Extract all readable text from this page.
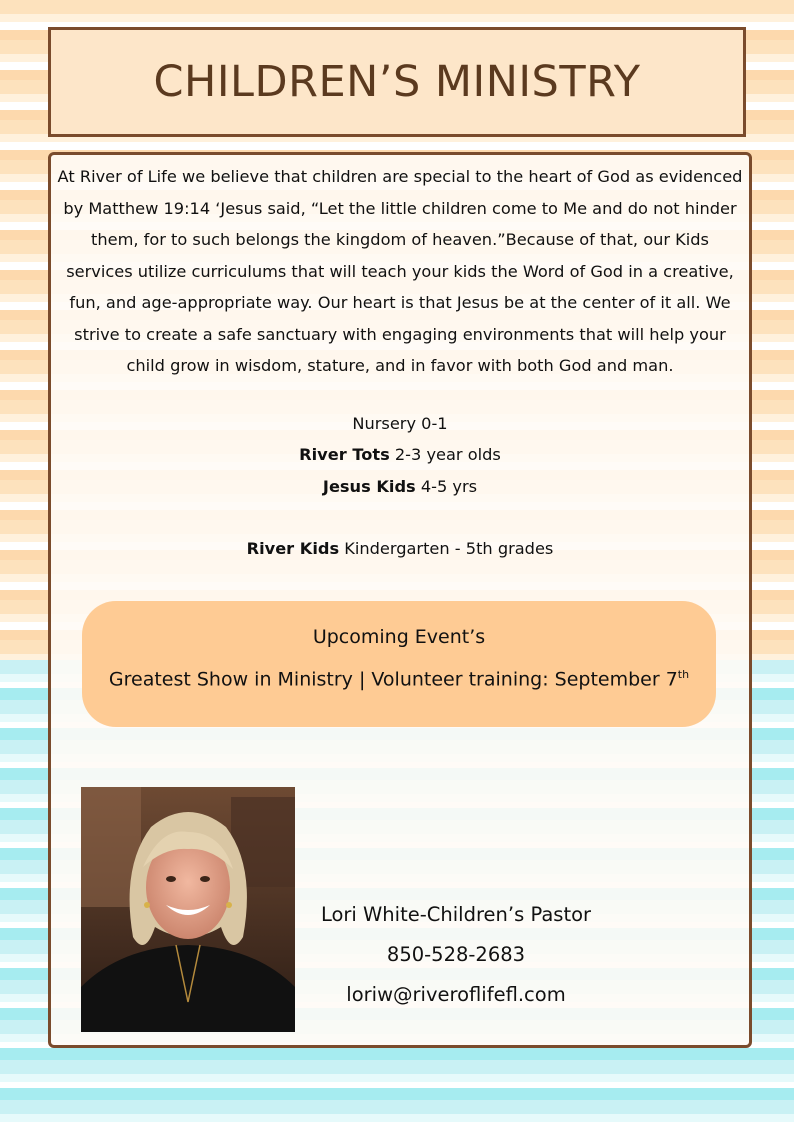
CHILDREN’S MINISTRY

At River of Life we believe that children are special to the heart of God as evidenced by Matthew 19:14 ‘Jesus said, “Let the little children come to Me and do not hinder them, for to such belongs the kingdom of heaven.”Because of that, our Kids services utilize curriculums that will teach your kids the Word of God in a creative, fun, and age-appropriate way. Our heart is that Jesus be at the center of it all. We strive to create a safe sanctuary with engaging environments that will help your child grow in wisdom, stature, and in favor with both God and man.

Nursery 0-1
River Tots 2-3 year olds
Jesus Kids 4-5 yrs
River Kids Kindergarten - 5th grades
Upcoming Event’s
Greatest Show in Ministry | Volunteer training: September 7th
Lori White-Children’s Pastor
850-528-2683
loriw@riveroflifefl.com
